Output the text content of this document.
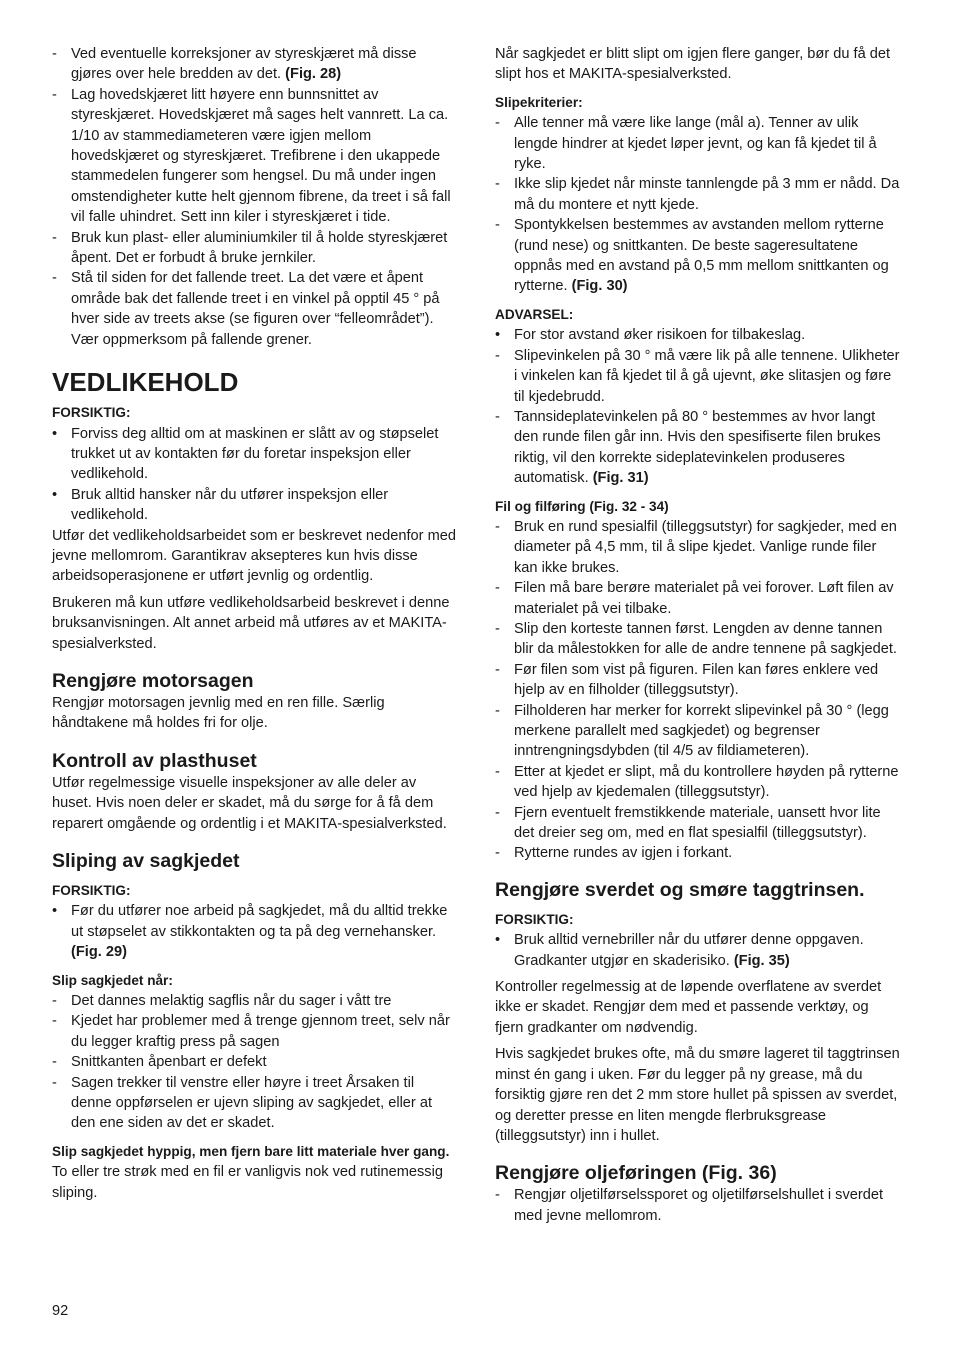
- Ved eventuelle korreksjoner av styreskjæret må disse gjøres over hele bredden av det. (Fig. 28)
- Lag hovedskjæret litt høyere enn bunnsnittet av styreskjæret. Hovedskjæret må sages helt vannrett. La ca. 1/10 av stammediameteren være igjen mellom hovedskjæret og styreskjæret. Trefibrene i den ukappede stammedelen fungerer som hengsel. Du må under ingen omstendigheter kutte helt gjennom fibrene, da treet i så fall vil falle uhindret. Sett inn kiler i styreskjæret i tide.
- Bruk kun plast- eller aluminiumkiler til å holde styreskjæret åpent. Det er forbudt å bruke jernkiler.
- Stå til siden for det fallende treet. La det være et åpent område bak det fallende treet i en vinkel på opptil 45 ° på hver side av treets akse (se figuren over “felleområdet”). Vær oppmerksom på fallende grener.
VEDLIKEHOLD
FORSIKTIG:
• Forviss deg alltid om at maskinen er slått av og støpselet trukket ut av kontakten før du foretar inspeksjon eller vedlikehold.
• Bruk alltid hansker når du utfører inspeksjon eller vedlikehold.

Utfør det vedlikeholdsarbeidet som er beskrevet nedenfor med jevne mellomrom. Garantikrav aksepteres kun hvis disse arbeidsoperasjonene er utført jevnlig og ordentlig.

Brukeren må kun utføre vedlikeholdsarbeid beskrevet i denne bruksanvisningen. Alt annet arbeid må utføres av et MAKITA-spesialverksted.

Rengjøre motorsagen

Rengjør motorsagen jevnlig med en ren fille. Særlig håndtakene må holdes fri for olje.

Kontroll av plasthuset

Utfør regelmessige visuelle inspeksjoner av alle deler av huset. Hvis noen deler er skadet, må du sørge for å få dem reparert omgående og ordentlig i et MAKITA-spesialverksted.

Sliping av sagkjedet
FORSIKTIG:
• Før du utfører noe arbeid på sagkjedet, må du alltid trekke ut støpselet av stikkontakten og ta på deg vernehansker. (Fig. 29)
Slip sagkjedet når:
- Det dannes melaktig sagflis når du sager i vått tre
- Kjedet har problemer med å trenge gjennom treet, selv når du legger kraftig press på sagen
- Snittkanten åpenbart er defekt
- Sagen trekker til venstre eller høyre i treet Årsaken til denne oppførselen er ujevn sliping av sagkjedet, eller at den ene siden av det er skadet.
Slip sagkjedet hyppig, men fjern bare litt materiale hver gang.

To eller tre strøk med en fil er vanligvis nok ved rutinemessig sliping.

Når sagkjedet er blitt slipt om igjen flere ganger, bør du få det slipt hos et MAKITA-spesialverksted.

Slipekriterier:
- Alle tenner må være like lange (mål a). Tenner av ulik lengde hindrer at kjedet løper jevnt, og kan få kjedet til å ryke.
- Ikke slip kjedet når minste tannlengde på 3 mm er nådd. Da må du montere et nytt kjede.
- Spontykkelsen bestemmes av avstanden mellom rytterne (rund nese) og snittkanten. De beste sageresultatene oppnås med en avstand på 0,5 mm mellom snittkanten og rytterne. (Fig. 30)
ADVARSEL:
• For stor avstand øker risikoen for tilbakeslag.
- Slipevinkelen på 30 ° må være lik på alle tennene. Ulikheter i vinkelen kan få kjedet til å gå ujevnt, øke slitasjen og føre til kjedebrudd.
- Tannsideplatevinkelen på 80 ° bestemmes av hvor langt den runde filen går inn. Hvis den spesifiserte filen brukes riktig, vil den korrekte sideplatevinkelen produseres automatisk. (Fig. 31)
Fil og filføring (Fig. 32 - 34)
- Bruk en rund spesialfil (tilleggsutstyr) for sagkjeder, med en diameter på 4,5 mm, til å slipe kjedet. Vanlige runde filer kan ikke brukes.
- Filen må bare berøre materialet på vei forover. Løft filen av materialet på vei tilbake.
- Slip den korteste tannen først. Lengden av denne tannen blir da målestokken for alle de andre tennene på sagkjedet.
- Før filen som vist på figuren. Filen kan føres enklere ved hjelp av en filholder (tilleggsutstyr).
- Filholderen har merker for korrekt slipevinkel på 30 ° (legg merkene parallelt med sagkjedet) og begrenser inntrengningsdybden (til 4/5 av fildiameteren).
- Etter at kjedet er slipt, må du kontrollere høyden på rytterne ved hjelp av kjedemalen (tilleggsutstyr).
- Fjern eventuelt fremstikkende materiale, uansett hvor lite det dreier seg om, med en flat spesialfil (tilleggsutstyr).
- Rytterne rundes av igjen i forkant.
Rengjøre sverdet og smøre taggtrinsen.
FORSIKTIG:
• Bruk alltid vernebriller når du utfører denne oppgaven. Gradkanter utgjør en skaderisiko. (Fig. 35)

Kontroller regelmessig at de løpende overflatene av sverdet ikke er skadet. Rengjør dem med et passende verktøy, og fjern gradkanter om nødvendig.

Hvis sagkjedet brukes ofte, må du smøre lageret til taggtrinsen minst én gang i uken. Før du legger på ny grease, må du forsiktig gjøre ren det 2 mm store hullet på spissen av sverdet, og deretter presse en liten mengde flerbruksgrease (tilleggsutstyr) inn i hullet.

Rengjøre oljeføringen (Fig. 36)
- Rengjør oljetilførselssporet og oljetilførselshullet i sverdet med jevne mellomrom.
92
